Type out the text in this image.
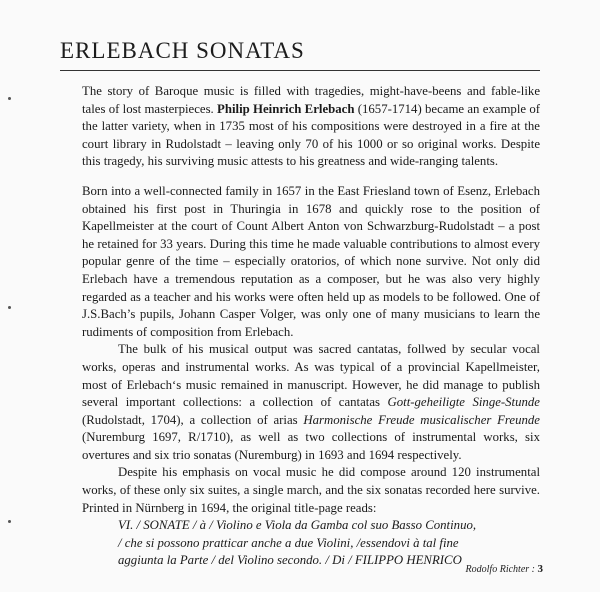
ERLEBACH SONATAS

The story of Baroque music is filled with tragedies, might-have-beens and fable-like tales of lost masterpieces. Philip Heinrich Erlebach (1657-1714) became an example of the latter variety, when in 1735 most of his compositions were destroyed in a fire at the court library in Rudolstadt – leaving only 70 of his 1000 or so original works. Despite this tragedy, his surviving music attests to his greatness and wide-ranging talents.

Born into a well-connected family in 1657 in the East Friesland town of Esenz, Erlebach obtained his first post in Thuringia in 1678 and quickly rose to the position of Kapellmeister at the court of Count Albert Anton von Schwarzburg-Rudolstadt – a post he retained for 33 years. During this time he made valuable contributions to almost every popular genre of the time – especially oratorios, of which none survive. Not only did Erlebach have a tremendous reputation as a composer, but he was also very highly regarded as a teacher and his works were often held up as models to be followed. One of J.S.Bach’s pupils, Johann Casper Volger, was only one of many musicians to learn the rudiments of composition from Erlebach.

The bulk of his musical output was sacred cantatas, follwed by secular vocal works, operas and instrumental works. As was typical of a provincial Kapellmeister, most of Erlebach‘s music remained in manuscript. However, he did manage to publish several important collections: a collection of cantatas Gott-geheiligte Singe-Stunde (Rudolstadt, 1704), a collection of arias Harmonische Freude musicalischer Freunde (Nuremburg 1697, R/1710), as well as two collections of instrumental works, six overtures and six trio sonatas (Nuremburg) in 1693 and 1694 respectively.

Despite his emphasis on vocal music he did compose around 120 instrumental works, of these only six suites, a single march, and the six sonatas recorded here survive. Printed in Nürnberg in 1694, the original title-page reads:

VI. / SONATE / à / Violino e Viola da Gamba col suo Basso Continuo,
/ che si possono pratticar anche a due Violini, /essendovi à tal fine
aggiunta la Parte / del Violino secondo. / Di / FILIPPO HENRICO
Rodolfo Richter : 3
